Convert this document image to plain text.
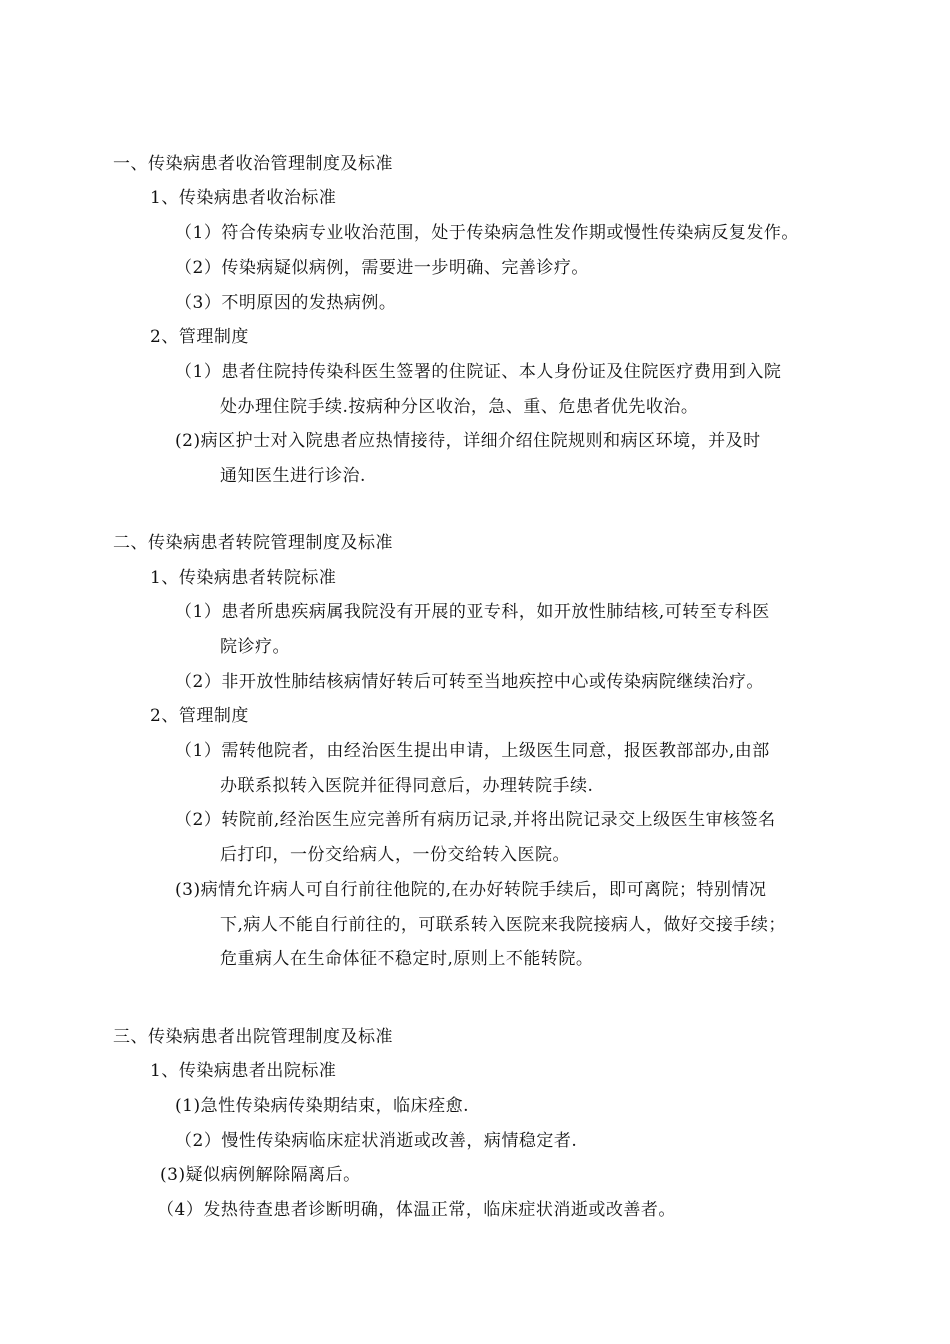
一、传染病患者收治管理制度及标准
1、传染病患者收治标准
（1）符合传染病专业收治范围，处于传染病急性发作期或慢性传染病反复发作。
（2）传染病疑似病例，需要进一步明确、完善诊疗。
（3）不明原因的发热病例。
2、管理制度
（1）患者住院持传染科医生签署的住院证、本人身份证及住院医疗费用到入院
处办理住院手续.按病种分区收治，急、重、危患者优先收治。
(2)病区护士对入院患者应热情接待，详细介绍住院规则和病区环境，并及时
通知医生进行诊治.
二、传染病患者转院管理制度及标准
1、传染病患者转院标准
（1）患者所患疾病属我院没有开展的亚专科，如开放性肺结核,可转至专科医
院诊疗。
（2）非开放性肺结核病情好转后可转至当地疾控中心或传染病院继续治疗。
2、管理制度
（1）需转他院者，由经治医生提出申请，上级医生同意，报医教部部办,由部
办联系拟转入医院并征得同意后，办理转院手续.
（2）转院前,经治医生应完善所有病历记录,并将出院记录交上级医生审核签名
后打印，一份交给病人，一份交给转入医院。
(3)病情允许病人可自行前往他院的,在办好转院手续后，即可离院；特别情况
下,病人不能自行前往的，可联系转入医院来我院接病人，做好交接手续；
危重病人在生命体征不稳定时,原则上不能转院。
三、传染病患者出院管理制度及标准
1、传染病患者出院标准
(1)急性传染病传染期结束，临床痊愈.
（2）慢性传染病临床症状消逝或改善，病情稳定者.
(3)疑似病例解除隔离后。
（4）发热待查患者诊断明确，体温正常，临床症状消逝或改善者。
